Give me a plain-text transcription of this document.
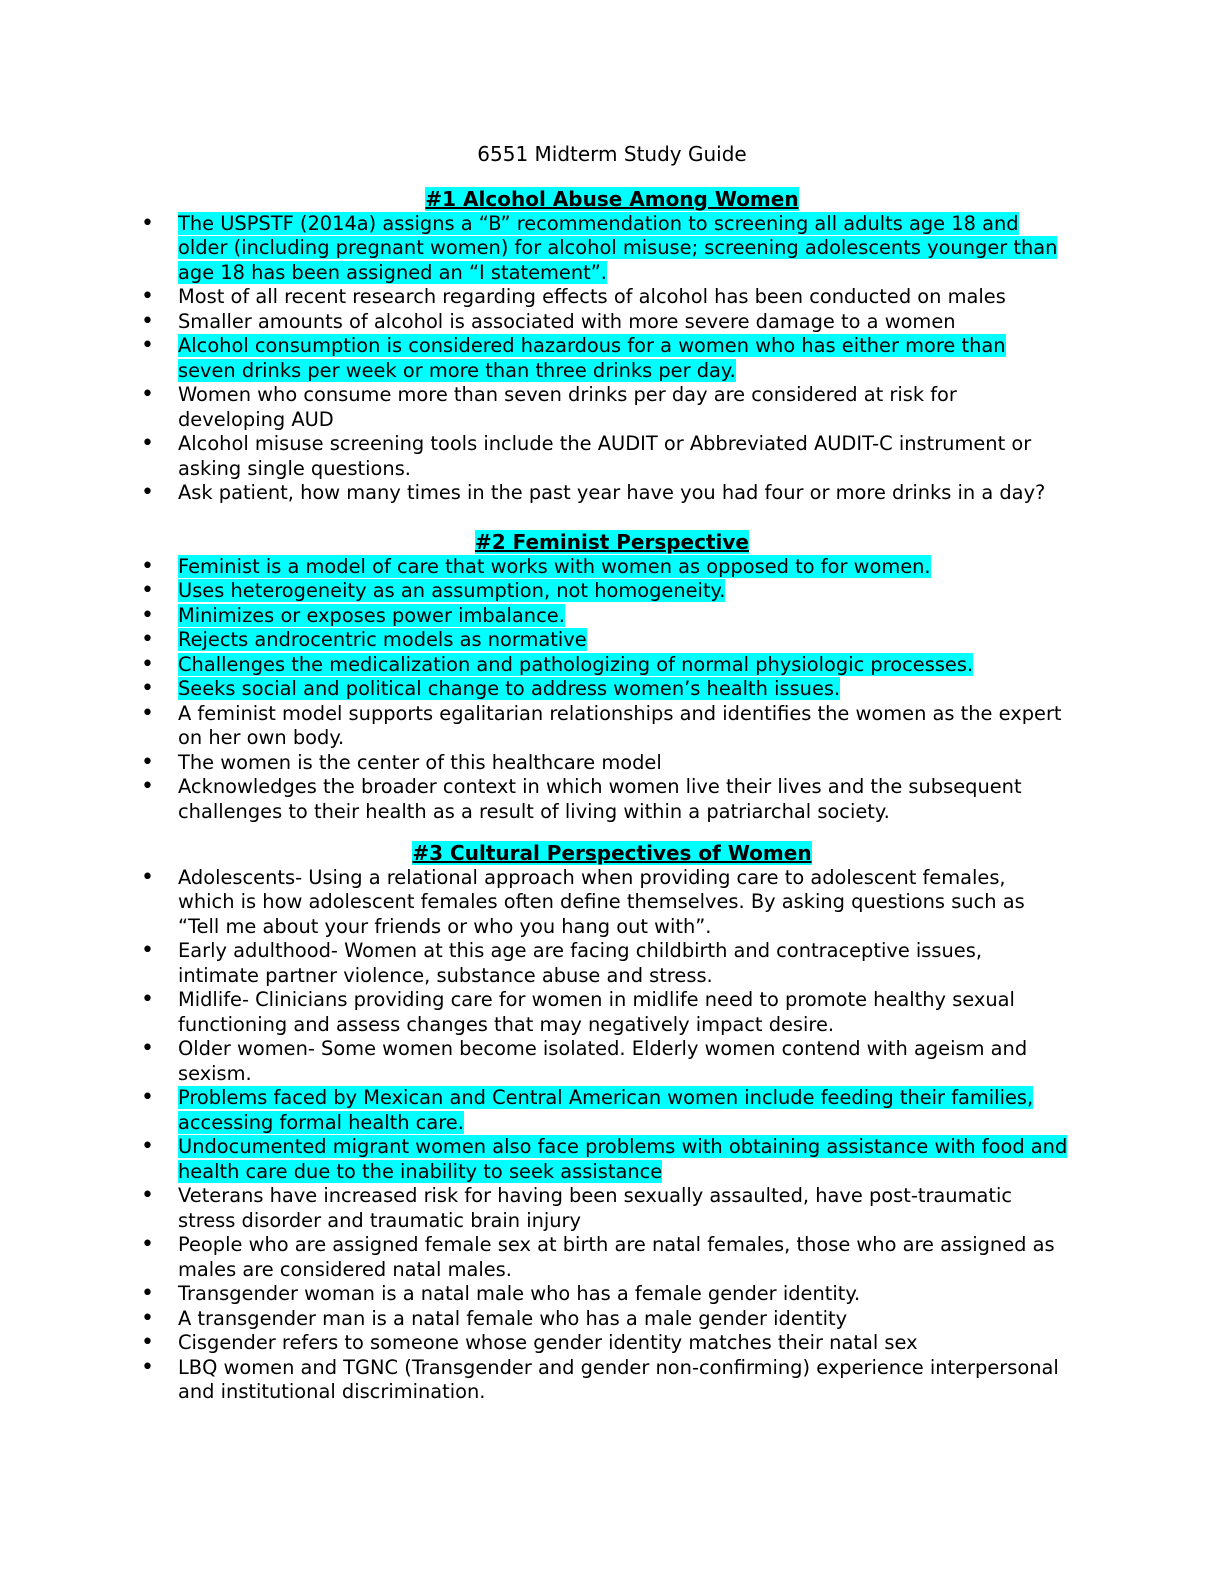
6551 Midterm Study Guide
#1 Alcohol Abuse Among Women
• The USPSTF (2014a) assigns a “B” recommendation to screening all adults age 18 and older (including pregnant women) for alcohol misuse; screening adolescents younger than age 18 has been assigned an “I statement”.
• Most of all recent research regarding effects of alcohol has been conducted on males
• Smaller amounts of alcohol is associated with more severe damage to a women
• Alcohol consumption is considered hazardous for a women who has either more than seven drinks per week or more than three drinks per day.
• Women who consume more than seven drinks per day are considered at risk for developing AUD
• Alcohol misuse screening tools include the AUDIT or Abbreviated AUDIT-C instrument or asking single questions.
• Ask patient, how many times in the past year have you had four or more drinks in a day?
#2 Feminist Perspective
• Feminist is a model of care that works with women as opposed to for women.
• Uses heterogeneity as an assumption, not homogeneity.
• Minimizes or exposes power imbalance.
• Rejects androcentric models as normative
• Challenges the medicalization and pathologizing of normal physiologic processes.
• Seeks social and political change to address women’s health issues.
• A feminist model supports egalitarian relationships and identifies the women as the expert on her own body.
• The women is the center of this healthcare model
• Acknowledges the broader context in which women live their lives and the subsequent challenges to their health as a result of living within a patriarchal society.
#3 Cultural Perspectives of Women
• Adolescents- Using a relational approach when providing care to adolescent females, which is how adolescent females often define themselves. By asking questions such as “Tell me about your friends or who you hang out with”.
• Early adulthood- Women at this age are facing childbirth and contraceptive issues, intimate partner violence, substance abuse and stress.
• Midlife- Clinicians providing care for women in midlife need to promote healthy sexual functioning and assess changes that may negatively impact desire.
• Older women- Some women become isolated. Elderly women contend with ageism and sexism.
• Problems faced by Mexican and Central American women include feeding their families, accessing formal health care.
• Undocumented migrant women also face problems with obtaining assistance with food and health care due to the inability to seek assistance
• Veterans have increased risk for having been sexually assaulted, have post-traumatic stress disorder and traumatic brain injury
• People who are assigned female sex at birth are natal females, those who are assigned as males are considered natal males.
• Transgender woman is a natal male who has a female gender identity.
• A transgender man is a natal female who has a male gender identity
• Cisgender refers to someone whose gender identity matches their natal sex
• LBQ women and TGNC (Transgender and gender non-confirming) experience interpersonal and institutional discrimination.
